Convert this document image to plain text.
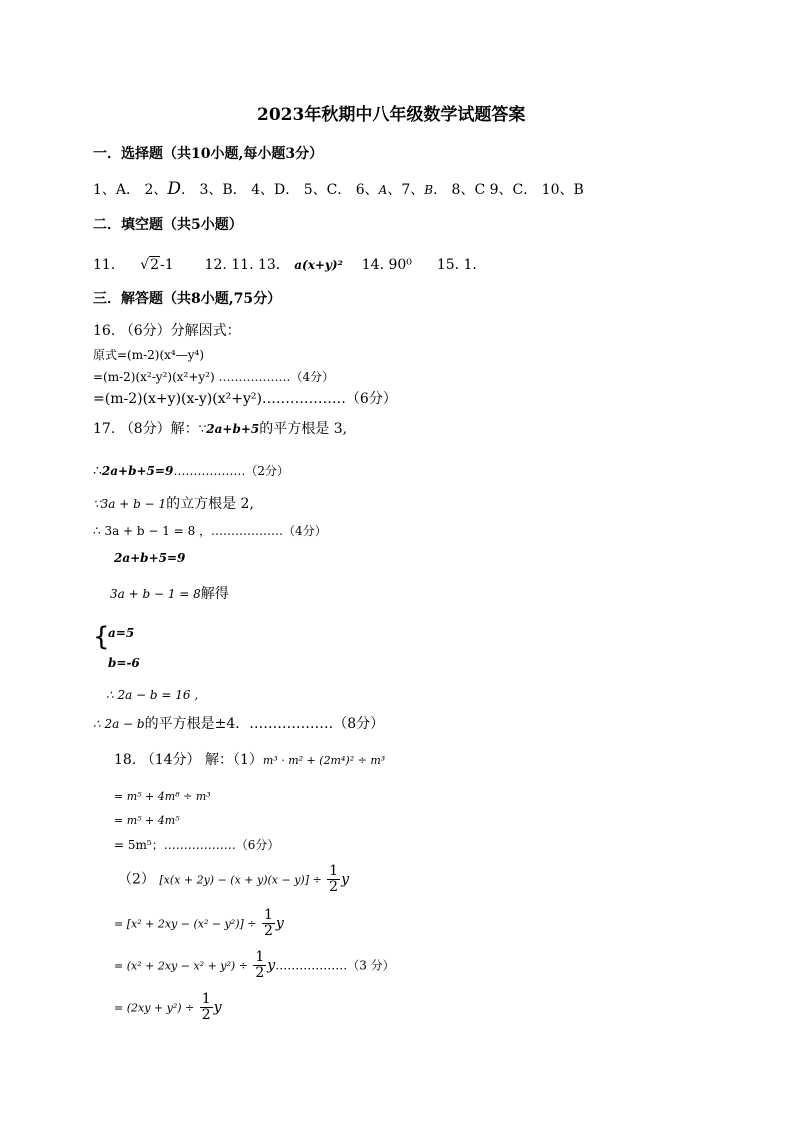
2023年秋期中八年级数学试题答案
一．选择题（共10小题,每小题3分）
1、A． 2、D． 3、B． 4、D． 5、C． 6、A、7、B． 8、C 9、C． 10、B
二．填空题（共5小题）
11. √2-1 12. 11. 13． a(x+y)² 14. 90⁰ 15. 1.
三．解答题（共8小题,75分）
16. （6分）分解因式：
原式=(m-2)(x⁴—y⁴)
=(m-2)(x²-y²)(x²+y²) ………………（4分）
=(m-2)(x+y)(x-y)(x²+y²)………………（6分）
17. （8分）解：∵2a+b+5的平方根是 3,
∴2a+b+5=9………………（2分）
∵3a + b − 1的立方根是 2,
∴ 3a + b − 1 = 8 ，………………（4分）
2a+b+5=9
3a + b − 1 = 8解得
{
a=5
b=-6
∴ 2a − b = 16 ,
∴ 2a − b的平方根是±4．………………（8分）
18. （14分） 解：（1）m³ · m² + (2m⁴)² ÷ m³
= m⁵ + 4m⁸ ÷ m³
= m⁵ + 4m⁵
= 5m⁵；………………（6分）
（2） $[x(x + 2y) - (x + y)(x - y)] \div \frac{1}{2}$ y
= $[x^2 + 2xy - (x^2 - y^2)] \div \frac{1}{2}$ y
= $(x^2 + 2xy - x^2 + y^2) \div \frac{1}{2}$ y………………（3 分）
= $(2xy + y^2) \div \frac{1}{2}$ y
